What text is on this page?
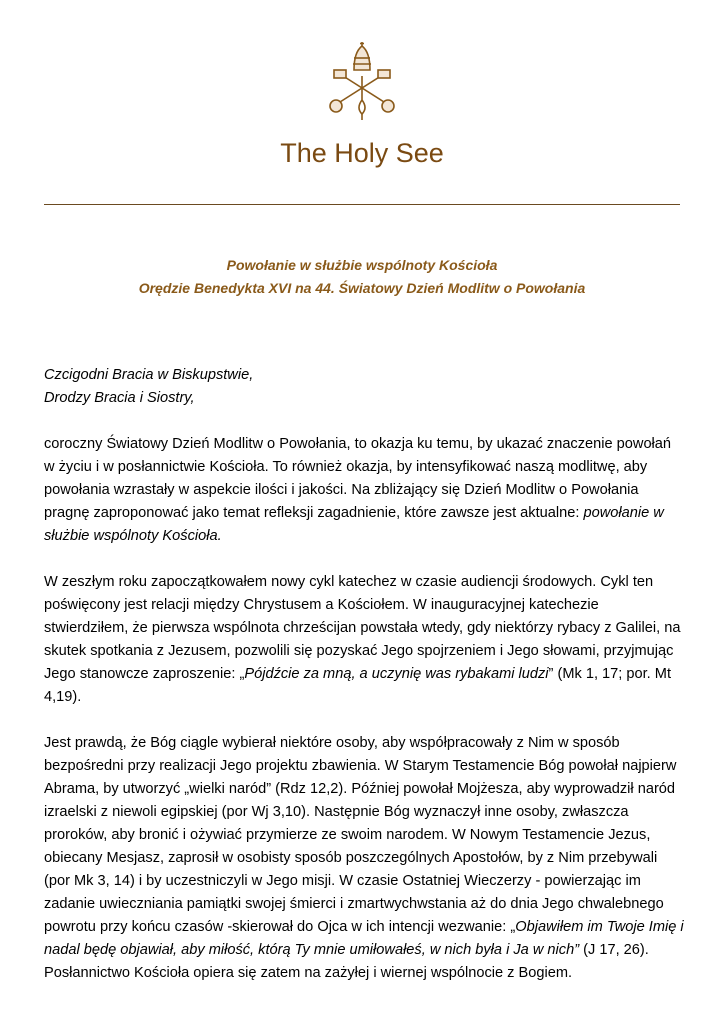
The Holy See
Powołanie w służbie wspólnoty Kościoła
Orędzie Benedykta XVI na 44. Światowy Dzień Modlitw o Powołania

Czcigodni Bracia w Biskupstwie,

Drodzy Bracia i Siostry,

coroczny Światowy Dzień Modlitw o Powołania, to okazja ku temu, by ukazać znaczenie powołań w życiu i w posłannictwie Kościoła. To również okazja, by intensyfikować naszą modlitwę, aby powołania wzrastały w aspekcie ilości i jakości. Na zbliżający się Dzień Modlitw o Powołania pragnę zaproponować jako temat refleksji zagadnienie, które zawsze jest aktualne: powołanie w służbie wspólnoty Kościoła.

W zeszłym roku zapoczątkowałem nowy cykl katechez w czasie audiencji środowych. Cykl ten poświęcony jest relacji między Chrystusem a Kościołem. W inauguracyjnej katechezie stwierdziłem, że pierwsza wspólnota chrześcijan powstała wtedy, gdy niektórzy rybacy z Galilei, na skutek spotkania z Jezusem, pozwolili się pozyskać Jego spojrzeniem i Jego słowami, przyjmując Jego stanowcze zaproszenie: „Pójdźcie za mną, a uczynię was rybakami ludzi” (Mk 1, 17; por. Mt 4,19).

Jest prawdą, że Bóg ciągle wybierał niektóre osoby, aby współpracowały z Nim w sposób bezpośredni przy realizacji Jego projektu zbawienia. W Starym Testamencie Bóg powołał najpierw Abrama, by utworzyć „wielki naród” (Rdz 12,2). Później powołał Mojżesza, aby wyprowadził naród izraelski z niewoli egipskiej (por Wj 3,10). Następnie Bóg wyznaczył inne osoby, zwłaszcza proroków, aby bronić i ożywiać przymierze ze swoim narodem. W Nowym Testamencie Jezus, obiecany Mesjasz, zaprosił w osobisty sposób poszczególnych Apostołów, by z Nim przebywali (por Mk 3, 14) i by uczestniczyli w Jego misji. W czasie Ostatniej Wieczerzy - powierzając im zadanie uwieczniania pamiątki swojej śmierci i zmartwychwstania aż do dnia Jego chwalebnego powrotu przy końcu czasów -skierował do Ojca w ich intencji wezwanie: „Objawiłem im Twoje Imię i nadal będę objawiał, aby miłość, którą Ty mnie umiłowałeś, w nich była i Ja w nich” (J 17, 26). Posłannictwo Kościoła opiera się zatem na zażyłej i wiernej wspólnocie z Bogiem.
